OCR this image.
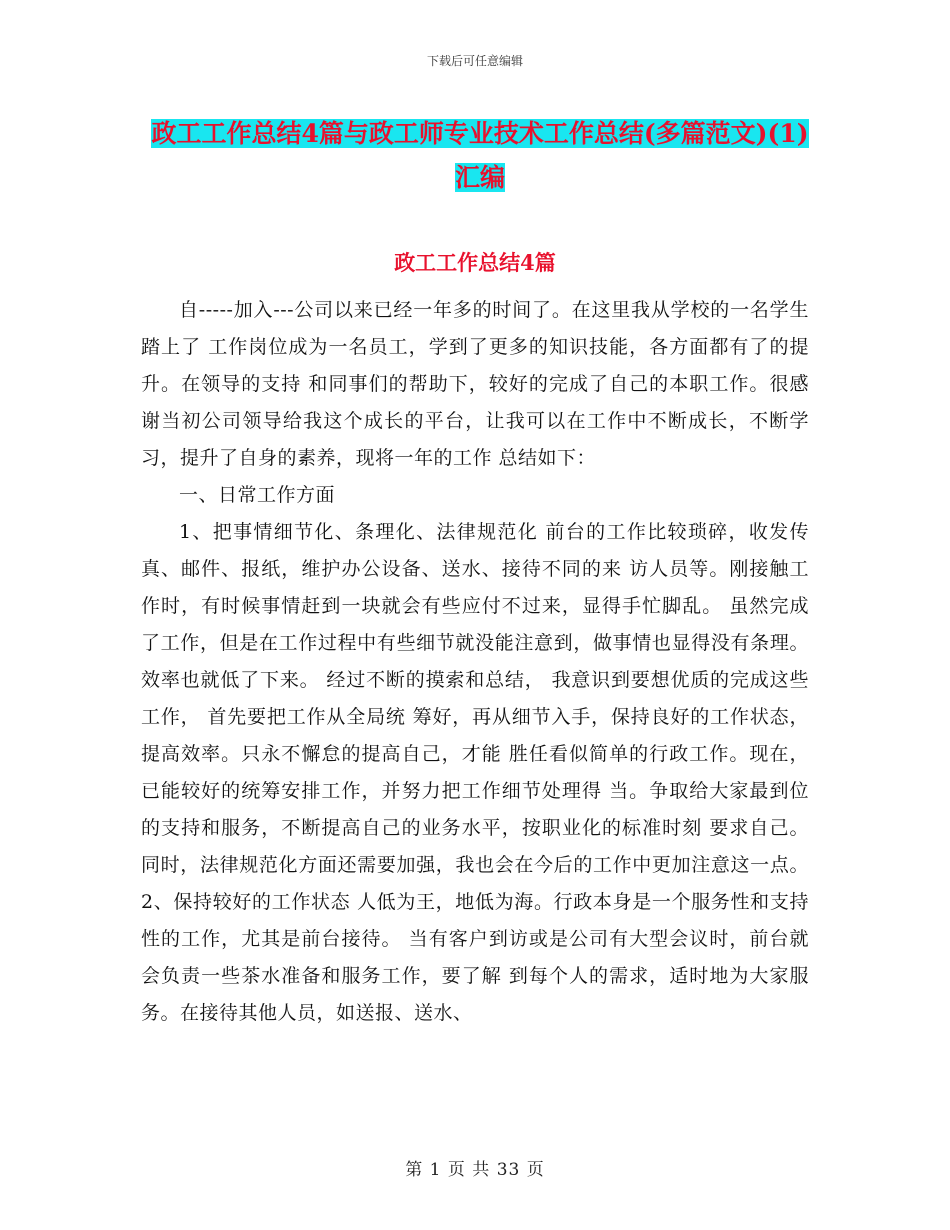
下载后可任意编辑
政工工作总结4篇与政工师专业技术工作总结(多篇范文)(1)汇编
政工工作总结4篇

自-----加入---公司以来已经一年多的时间了。在这里我从学校的一名学生踏上了 工作岗位成为一名员工，学到了更多的知识技能，各方面都有了的提升。在领导的支持 和同事们的帮助下，较好的完成了自己的本职工作。很感谢当初公司领导给我这个成长的平台，让我可以在工作中不断成长，不断学习，提升了自身的素养，现将一年的工作 总结如下：

一、日常工作方面

1、把事情细节化、条理化、法律规范化 前台的工作比较琐碎，收发传真、邮件、报纸，维护办公设备、送水、接待不同的来 访人员等。刚接触工作时，有时候事情赶到一块就会有些应付不过来，显得手忙脚乱。 虽然完成了工作，但是在工作过程中有些细节就没能注意到，做事情也显得没有条理。 效率也就低了下来。 经过不断的摸索和总结， 我意识到要想优质的完成这些工作， 首先要把工作从全局统 筹好，再从细节入手，保持良好的工作状态，提高效率。只永不懈怠的提高自己，才能 胜任看似简单的行政工作。现在，已能较好的统筹安排工作，并努力把工作细节处理得 当。争取给大家最到位的支持和服务，不断提高自己的业务水平，按职业化的标准时刻 要求自己。同时，法律规范化方面还需要加强，我也会在今后的工作中更加注意这一点。 2、保持较好的工作状态 人低为王，地低为海。行政本身是一个服务性和支持性的工作，尤其是前台接待。 当有客户到访或是公司有大型会议时，前台就会负责一些茶水准备和服务工作，要了解 到每个人的需求，适时地为大家服务。在接待其他人员，如送报、送水、

第 1 页 共 33 页
